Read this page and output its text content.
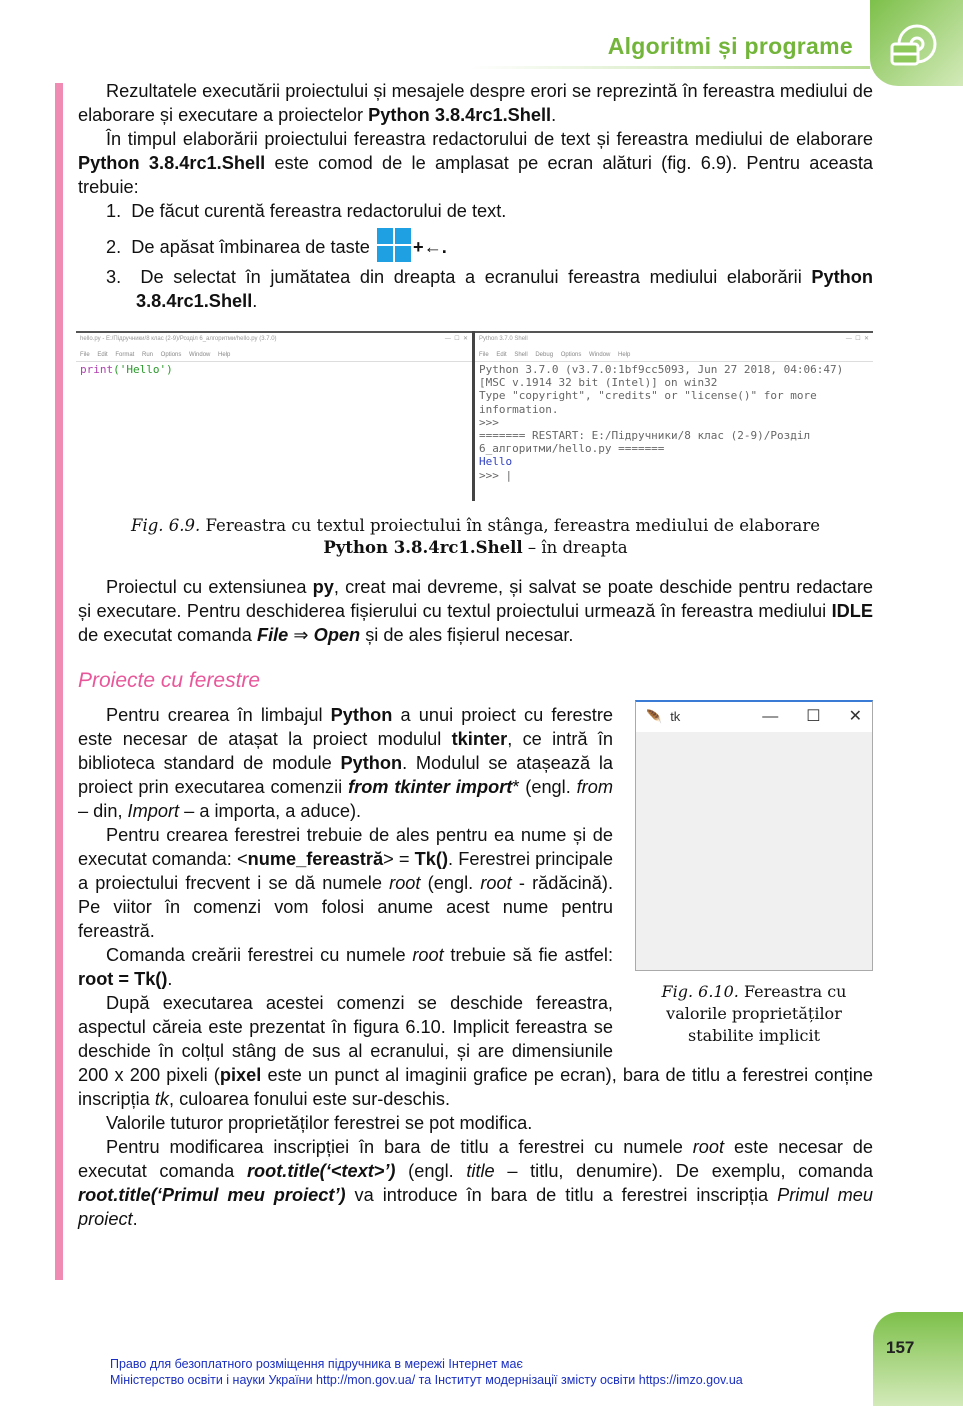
Algoritmi și programe
157

Rezultatele executării proiectului și mesajele despre erori se reprezintă în fereastra mediului de elaborare și executare a proiectelor Python 3.8.4rc1.Shell.

În timpul elaborării proiectului fereastra redactorului de text și fereastra mediului de elaborare Python 3.8.4rc1.Shell este comod de le amplasat pe ecran alături (fig. 6.9). Pentru aceasta trebuie:

1. De făcut curentă fereastra redactorului de text.

2. De apăsat îmbinarea de taste +←.

3. De selectat în jumătatea din dreapta a ecranului fereastra mediului elaborării Python 3.8.4rc1.Shell.

hello.py - E:/Підручники/8 клас (2-9)/Розділ 6_алгоритми/hello.py (3.7.0)	—  ☐  ✕
File Edit Format Run Options Window Help
print('Hello')
Python 3.7.0 Shell	—  ☐  ✕
File Edit Shell Debug Options Window Help
Python 3.7.0 (v3.7.0:1bf9cc5093, Jun 27 2018, 04:06:47) [MSC v.1914 32 bit (Intel)] on win32
Type "copyright", "credits" or "license()" for more information.
>>>
======= RESTART: E:/Підручники/8 клас (2-9)/Розділ 6_алгоритми/hello.py =======
Hello
>>> |
Fig. 6.9. Fereastra cu textul proiectului în stânga, fereastra mediului de elaborare
Python 3.8.4rc1.Shell – în dreapta

Proiectul cu extensiunea py, creat mai devreme, și salvat se poate deschide pentru redactare și executare. Pentru deschiderea fișierului cu textul proiectului urmează în fereastra mediului IDLE de executat comanda File ⇒ Open și de ales fișierul necesar.

Proiecte cu ferestre
🪶 tk	— ☐ ✕
Fig. 6.10. Fereastra cu valorile proprietăților stabilite implicit

Pentru crearea în limbajul Python a unui proiect cu ferestre este necesar de atașat la proiect modulul tkinter, ce intră în biblioteca standard de module Python. Modulul se atașează la proiect prin executarea comenzii from tkinter import* (engl. from – din, Import – a importa, a aduce).

Pentru crearea ferestrei trebuie de ales pentru ea nume și de executat comanda: <nume_fereastră> = Tk(). Ferestrei principale a proiectului frecvent i se dă numele root (engl. root - rădăcină). Pe viitor în comenzi vom folosi anume acest nume pentru fereastră.

Comanda creării ferestrei cu numele root trebuie să fie astfel: root = Tk().

După executarea acestei comenzi se deschide fereastra, aspectul căreia este prezentat în figura 6.10. Implicit fereastra se deschide în colțul stâng de sus al ecranului, și are dimensiunile 200 x 200 pixeli (pixel este un punct al imaginii grafice pe ecran), bara de titlu a ferestrei conține inscripția tk, culoarea fonului este sur-deschis.

Valorile tuturor proprietăților ferestrei se pot modifica.

Pentru modificarea inscripției în bara de titlu a ferestrei cu numele root este necesar de executat comanda root.title(‘<text>’) (engl. title – titlu, denumire). De exemplu, comanda root.title(‘Primul meu proiect’) va introduce în bara de titlu a ferestrei inscripția Primul meu proiect.

Право для безоплатного розміщення підручника в мережі Інтернет має
Міністерство освіти і науки України http://mon.gov.ua/ та Інститут модернізації змісту освіти https://imzo.gov.ua
